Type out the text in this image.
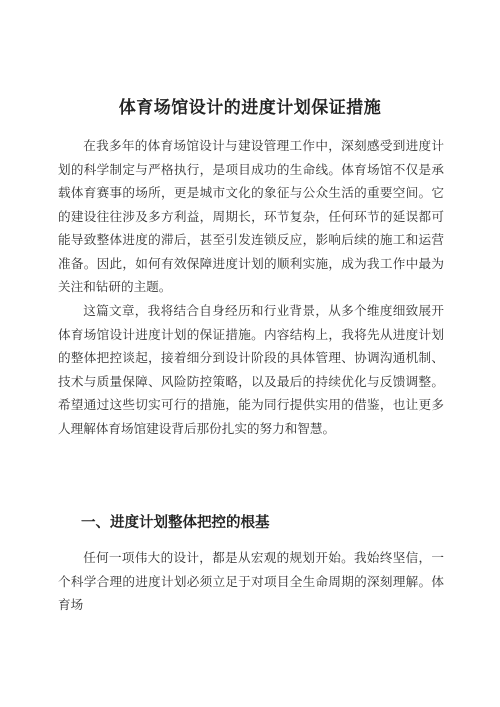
体育场馆设计的进度计划保证措施

在我多年的体育场馆设计与建设管理工作中，深刻感受到进度计划的科学制定与严格执行，是项目成功的生命线。体育场馆不仅是承载体育赛事的场所，更是城市文化的象征与公众生活的重要空间。它的建设往往涉及多方利益，周期长，环节复杂，任何环节的延误都可能导致整体进度的滞后，甚至引发连锁反应，影响后续的施工和运营准备。因此，如何有效保障进度计划的顺利实施，成为我工作中最为关注和钻研的主题。

这篇文章，我将结合自身经历和行业背景，从多个维度细致展开体育场馆设计进度计划的保证措施。内容结构上，我将先从进度计划的整体把控谈起，接着细分到设计阶段的具体管理、协调沟通机制、技术与质量保障、风险防控策略，以及最后的持续优化与反馈调整。希望通过这些切实可行的措施，能为同行提供实用的借鉴，也让更多人理解体育场馆建设背后那份扎实的努力和智慧。

一、进度计划整体把控的根基

任何一项伟大的设计，都是从宏观的规划开始。我始终坚信，一个科学合理的进度计划必须立足于对项目全生命周期的深刻理解。体育场
